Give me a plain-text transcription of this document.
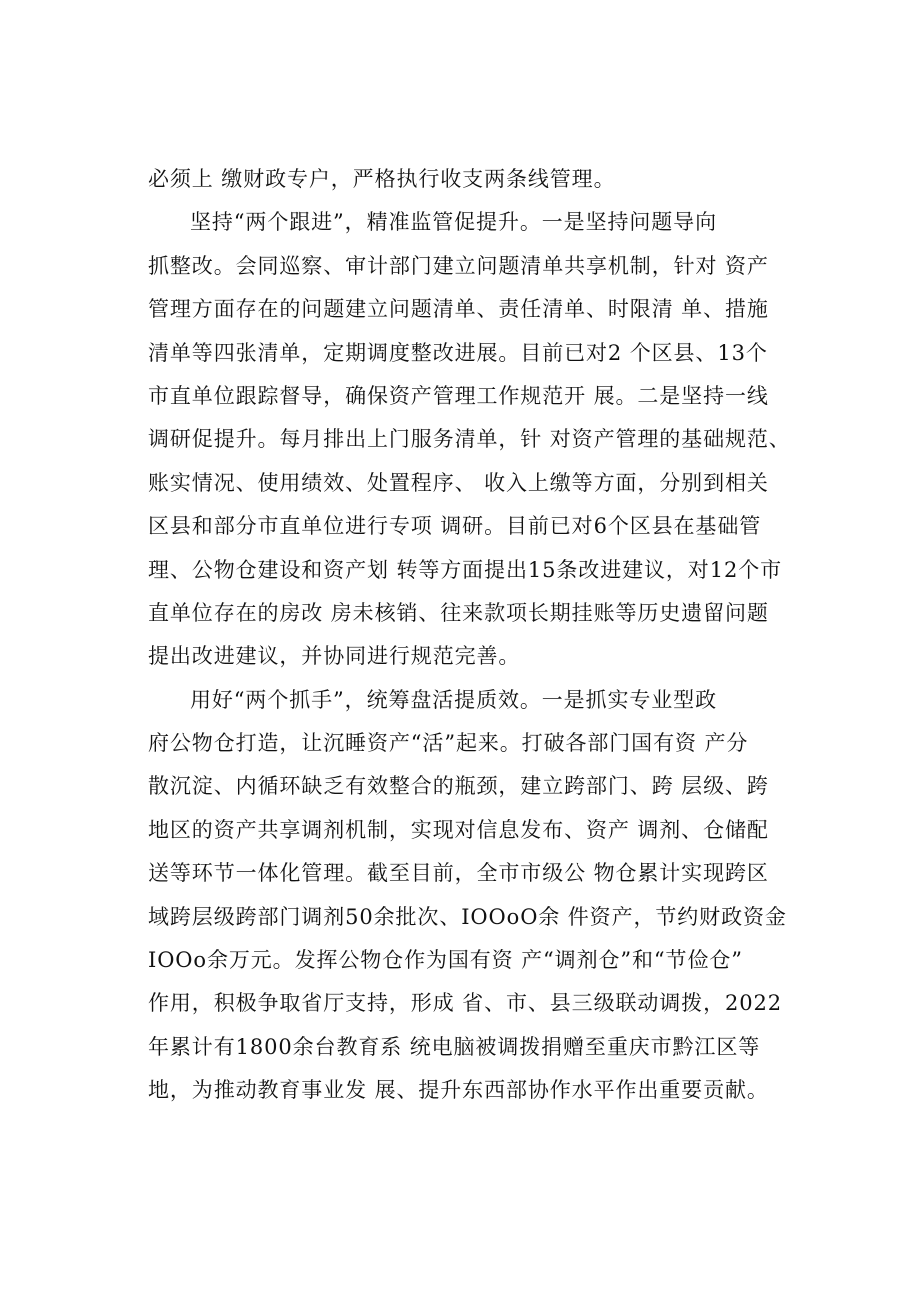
必须上 缴财政专户，严格执行收支两条线管理。
坚持“两个跟进”，精准监管促提升。一是坚持问题导向
抓整改。会同巡察、审计部门建立问题清单共享机制，针对 资产
管理方面存在的问题建立问题清单、责任清单、时限清 单、措施
清单等四张清单，定期调度整改进展。目前已对2 个区县、13个
市直单位跟踪督导，确保资产管理工作规范开 展。二是坚持一线
调研促提升。每月排出上门服务清单，针 对资产管理的基础规范、
账实情况、使用绩效、处置程序、 收入上缴等方面，分别到相关
区县和部分市直单位进行专项 调研。目前已对6个区县在基础管
理、公物仓建设和资产划 转等方面提出15条改进建议，对12个市
直单位存在的房改 房未核销、往来款项长期挂账等历史遗留问题
提出改进建议，并协同进行规范完善。
用好“两个抓手”，统筹盘活提质效。一是抓实专业型政
府公物仓打造，让沉睡资产“活”起来。打破各部门国有资 产分
散沉淀、内循环缺乏有效整合的瓶颈，建立跨部门、跨 层级、跨
地区的资产共享调剂机制，实现对信息发布、资产 调剂、仓储配
送等环节一体化管理。截至目前，全市市级公 物仓累计实现跨区
域跨层级跨部门调剂50余批次、IOOoO余 件资产，节约财政资金
IOOo余万元。发挥公物仓作为国有资 产“调剂仓”和“节俭仓”
作用，积极争取省厅支持，形成 省、市、县三级联动调拨，2022
年累计有1800余台教育系 统电脑被调拨捐赠至重庆市黔江区等
地，为推动教育事业发 展、提升东西部协作水平作出重要贡献。
